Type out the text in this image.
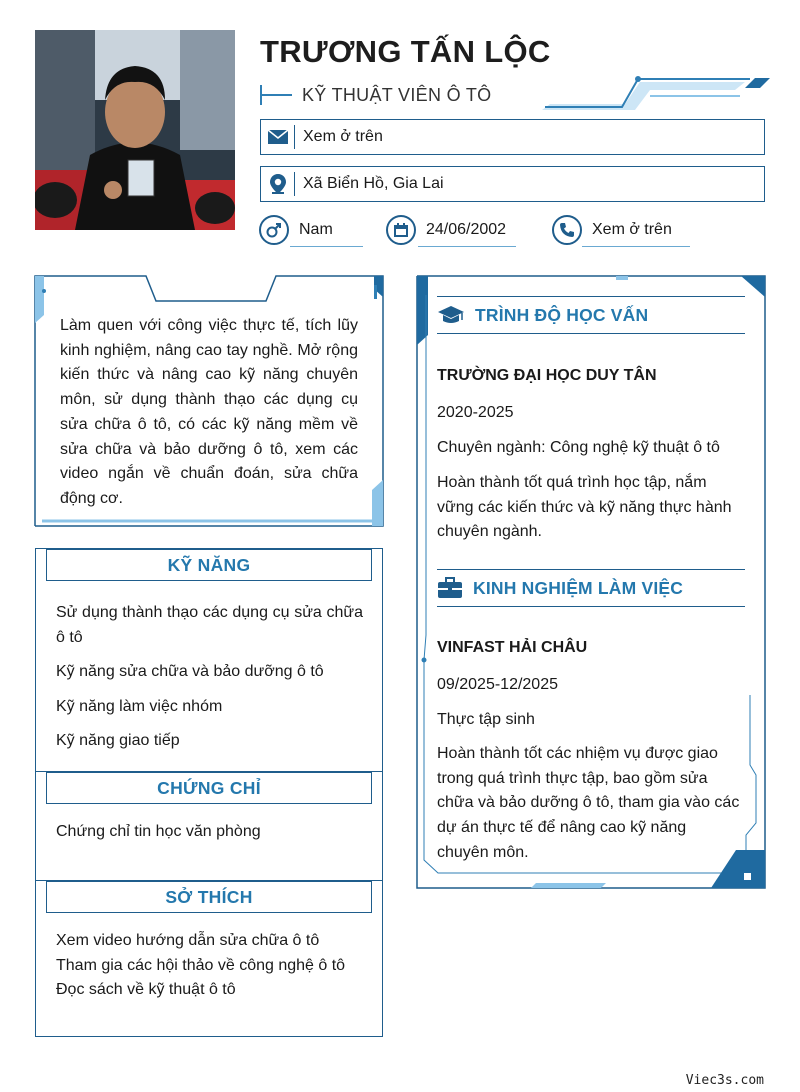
TRƯƠNG TẤN LỘC
KỸ THUẬT VIÊN Ô TÔ
Xem ở trên
Xã Biển Hồ, Gia Lai
Nam	24/06/2002	Xem ở trên

Làm quen với công việc thực tế, tích lũy kinh nghiệm, nâng cao tay nghề. Mở rộng kiến thức và nâng cao kỹ năng chuyên môn, sử dụng thành thạo các dụng cụ sửa chữa ô tô, có các kỹ năng mềm về sửa chữa và bảo dưỡng ô tô, xem các video ngắn về chuẩn đoán, sửa chữa động cơ.

KỸ NĂNG

Sử dụng thành thạo các dụng cụ sửa chữa ô tô

Kỹ năng sửa chữa và bảo dưỡng ô tô

Kỹ năng làm việc nhóm

Kỹ năng giao tiếp

CHỨNG CHỈ

Chứng chỉ tin học văn phòng

SỞ THÍCH

Xem video hướng dẫn sửa chữa ô tô

Tham gia các hội thảo về công nghệ ô tô

Đọc sách về kỹ thuật ô tô

TRÌNH ĐỘ HỌC VẤN
TRƯỜNG ĐẠI HỌC DUY TÂN
2020-2025
Chuyên ngành: Công nghệ kỹ thuật ô tô
Hoàn thành tốt quá trình học tập, nắm vững các kiến thức và kỹ năng thực hành chuyên ngành.
KINH NGHIỆM LÀM VIỆC
VINFAST HẢI CHÂU
09/2025-12/2025
Thực tập sinh
Hoàn thành tốt các nhiệm vụ được giao trong quá trình thực tập, bao gồm sửa chữa và bảo dưỡng ô tô, tham gia vào các dự án thực tế để nâng cao kỹ năng chuyên môn.
Viec3s.com
